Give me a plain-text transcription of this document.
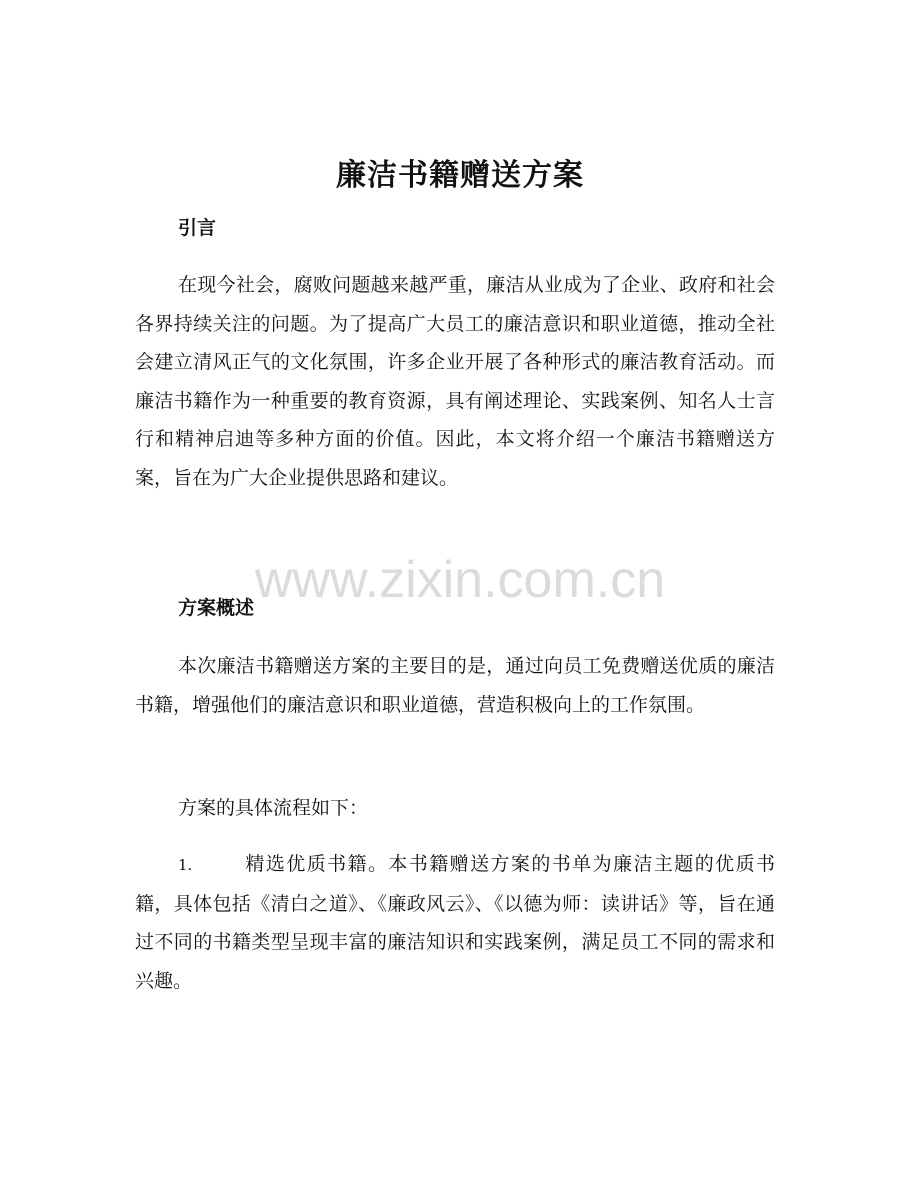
廉洁书籍赠送方案
引言

在现今社会，腐败问题越来越严重，廉洁从业成为了企业、政府和社会各界持续关注的问题。为了提高广大员工的廉洁意识和职业道德，推动全社会建立清风正气的文化氛围，许多企业开展了各种形式的廉洁教育活动。而廉洁书籍作为一种重要的教育资源，具有阐述理论、实践案例、知名人士言行和精神启迪等多种方面的价值。因此，本文将介绍一个廉洁书籍赠送方案，旨在为广大企业提供思路和建议。

www.zixin.com.cn
方案概述

本次廉洁书籍赠送方案的主要目的是，通过向员工免费赠送优质的廉洁书籍，增强他们的廉洁意识和职业道德，营造积极向上的工作氛围。

方案的具体流程如下：

1.	精选优质书籍。本书籍赠送方案的书单为廉洁主题的优质书籍，具体包括《清白之道》、《廉政风云》、《以德为师：读讲话》等，旨在通过不同的书籍类型呈现丰富的廉洁知识和实践案例，满足员工不同的需求和兴趣。
